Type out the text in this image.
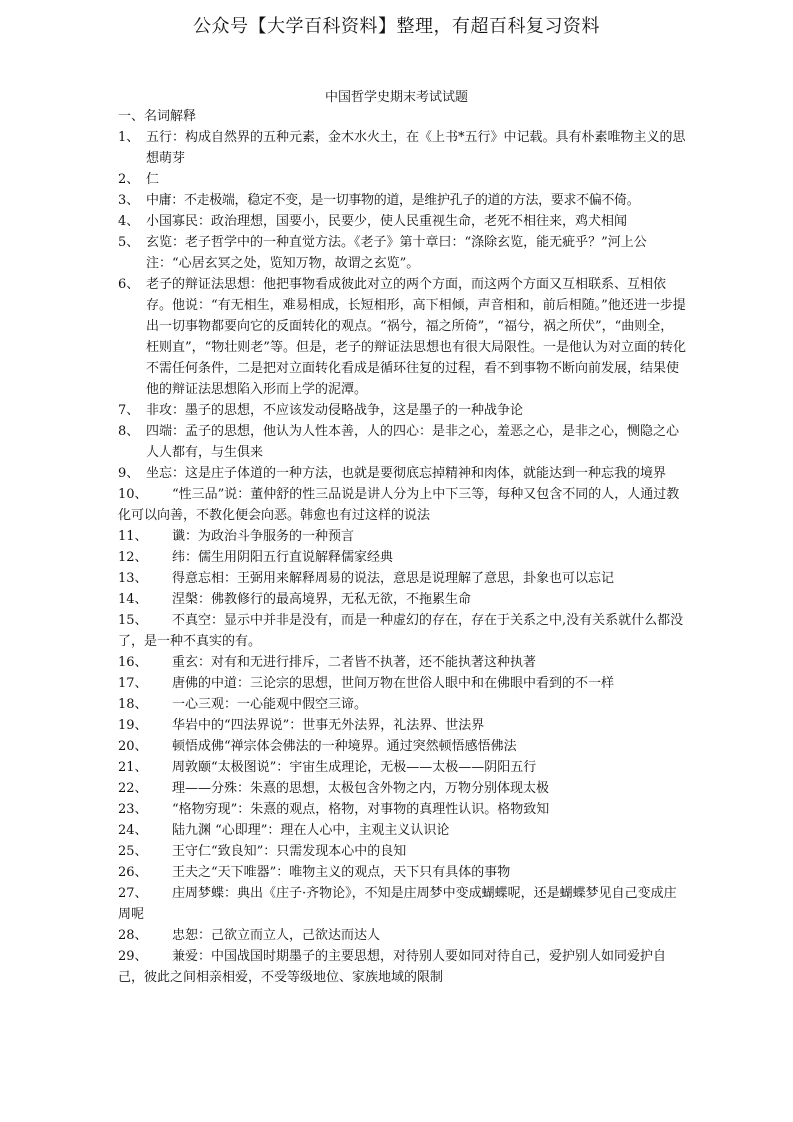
公众号【大学百科资料】整理，有超百科复习资料
中国哲学史期末考试试题

一、名词解释

1、 五行：构成自然界的五种元素，金木水火土，在《上书*五行》中记载。具有朴素唯物主义的思想萌芽

2、 仁

3、 中庸：不走极端，稳定不变，是一切事物的道，是维护孔子的道的方法，要求不偏不倚。

4、 小国寡民：政治理想，国要小，民要少，使人民重视生命，老死不相往来，鸡犬相闻

5、 玄览：老子哲学中的一种直觉方法。《老子》第十章曰：“涤除玄览，能无疵乎？”河上公注：“心居玄冥之处，览知万物，故谓之玄览”。

6、 老子的辩证法思想：他把事物看成彼此对立的两个方面，而这两个方面又互相联系、互相依存。他说：“有无相生，难易相成，长短相形，高下相倾，声音相和，前后相随。”他还进一步提出一切事物都要向它的反面转化的观点。“祸兮，福之所倚”，“福兮，祸之所伏”，“曲则全，枉则直”，“物壮则老”等。但是，老子的辩证法思想也有很大局限性。一是他认为对立面的转化不需任何条件，二是把对立面转化看成是循环往复的过程，看不到事物不断向前发展，结果使他的辩证法思想陷入形而上学的泥潭。

7、 非攻：墨子的思想，不应该发动侵略战争，这是墨子的一种战争论

8、 四端：孟子的思想，他认为人性本善，人的四心：是非之心，羞恶之心，是非之心，恻隐之心人人都有，与生俱来

9、 坐忘：这是庄子体道的一种方法，也就是要彻底忘掉精神和肉体，就能达到一种忘我的境界

10、 “性三品”说：董仲舒的性三品说是讲人分为上中下三等，每种又包含不同的人，人通过教化可以向善，不教化便会向恶。韩愈也有过这样的说法

11、 谶：为政治斗争服务的一种预言

12、 纬：儒生用阴阳五行直说解释儒家经典

13、 得意忘相：王弼用来解释周易的说法，意思是说理解了意思，卦象也可以忘记

14、 涅槃：佛教修行的最高境界，无私无欲，不拖累生命

15、 不真空：显示中并非是没有，而是一种虚幻的存在，存在于关系之中,没有关系就什么都没了，是一种不真实的有。

16、 重玄：对有和无进行排斥，二者皆不执著，还不能执著这种执著

17、 唐佛的中道：三论宗的思想，世间万物在世俗人眼中和在佛眼中看到的不一样

18、 一心三观：一心能观中假空三谛。

19、 华岩中的“四法界说”：世事无外法界，礼法界、世法界

20、 顿悟成佛“禅宗体会佛法的一种境界。通过突然顿悟感悟佛法

21、 周敦颐“太极图说”：宇宙生成理论，无极——太极——阴阳五行

22、 理——分殊：朱熹的思想，太极包含外物之内，万物分别体现太极

23、 “格物穷现”：朱熹的观点，格物，对事物的真理性认识。格物致知

24、 陆九渊 “心即理”：理在人心中，主观主义认识论

25、 王守仁“致良知”：只需发现本心中的良知

26、 王夫之“天下唯器”：唯物主义的观点，天下只有具体的事物

27、 庄周梦蝶：典出《庄子·齐物论》，不知是庄周梦中变成蝴蝶呢，还是蝴蝶梦见自己变成庄周呢

28、 忠恕：己欲立而立人，己欲达而达人

29、 兼爱：中国战国时期墨子的主要思想，对待别人要如同对待自己，爱护别人如同爱护自己，彼此之间相亲相爱，不受等级地位、家族地域的限制
